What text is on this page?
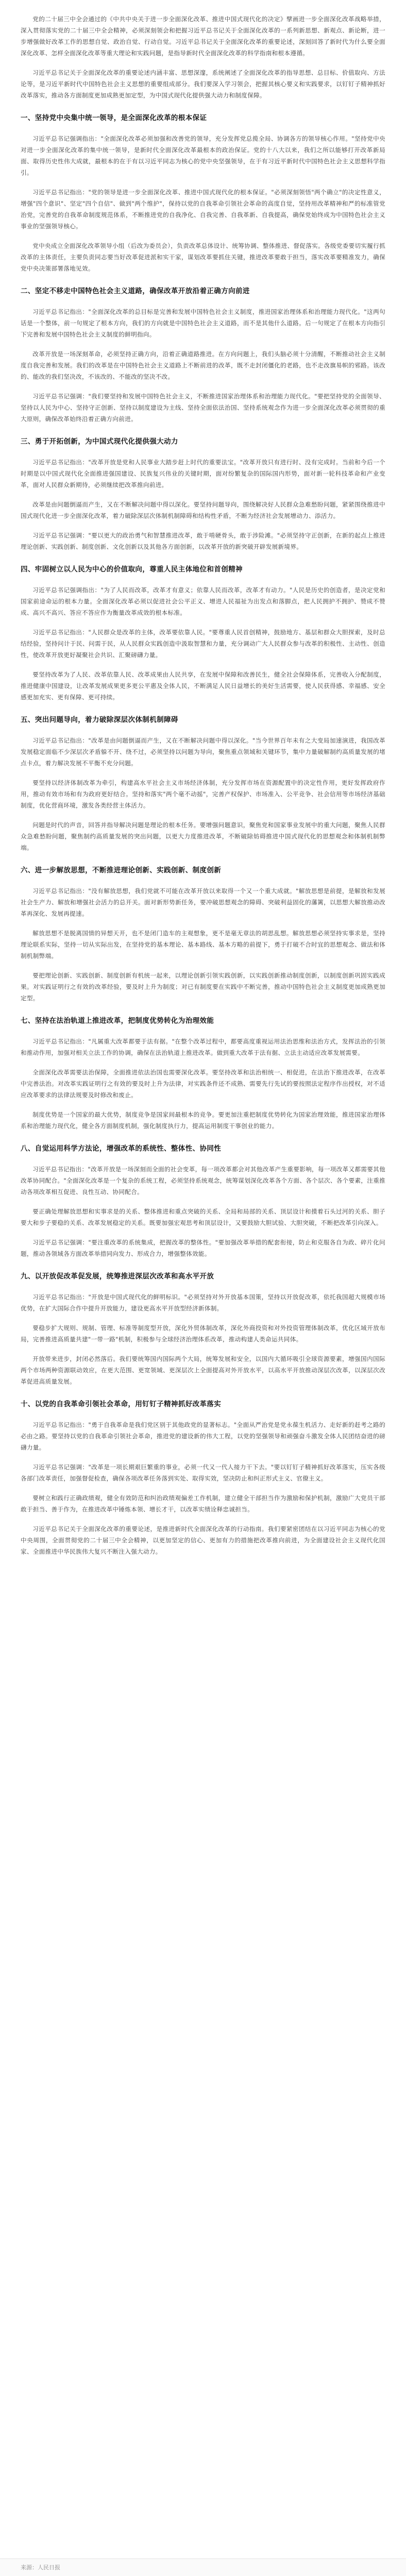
党的二十届三中全会通过的《中共中央关于进一步全面深化改革、推进中国式现代化的决定》擘画进一步全面深化改革战略举措，深入贯彻落实党的二十届三中全会精神，必须深刻领会和把握习近平总书记关于全面深化改革的一系列新思想、新观点、新论断，进一步增强做好改革工作的思想自觉、政治自觉、行动自觉。习近平总书记关于全面深化改革的重要论述，深刻回答了新时代为什么要全面深化改革、怎样全面深化改革等重大理论和实践问题，是指导新时代全面深化改革的科学指南和根本遵循。

习近平总书记关于全面深化改革的重要论述内涵丰富、思想深邃，系统阐述了全面深化改革的指导思想、总目标、价值取向、方法论等，是习近平新时代中国特色社会主义思想的重要组成部分。我们要深入学习领会，把握其核心要义和实践要求，以钉钉子精神抓好改革落实，推动各方面制度更加成熟更加定型，为中国式现代化提供强大动力和制度保障。

一、坚持党中央集中统一领导，是全面深化改革的根本保证

习近平总书记强调指出："全面深化改革必须加强和改善党的领导，充分发挥党总揽全局、协调各方的领导核心作用。"坚持党中央对进一步全面深化改革的集中统一领导，是新时代全面深化改革最根本的政治保证。党的十八大以来，我们之所以能够打开改革新局面、取得历史性伟大成就，最根本的在于有以习近平同志为核心的党中央坚强领导，在于有习近平新时代中国特色社会主义思想科学指引。

习近平总书记指出："党的领导是进一步全面深化改革、推进中国式现代化的根本保证。"必须深刻领悟"两个确立"的决定性意义，增强"四个意识"、坚定"四个自信"、做到"两个维护"，保持以党的自我革命引领社会革命的高度自觉，坚持用改革精神和严的标准管党治党，完善党的自我革命制度规范体系，不断推进党的自我净化、自我完善、自我革新、自我提高，确保党始终成为中国特色社会主义事业的坚强领导核心。

党中央成立全面深化改革领导小组（后改为委员会），负责改革总体设计、统筹协调、整体推进、督促落实。各级党委要切实履行抓改革的主体责任，主要负责同志要当好改革促进派和实干家，谋划改革要抓住关键，推进改革要敢于担当，落实改革要精准发力，确保党中央决策部署落地见效。

二、坚定不移走中国特色社会主义道路，确保改革开放沿着正确方向前进

习近平总书记指出："全面深化改革的总目标是完善和发展中国特色社会主义制度，推进国家治理体系和治理能力现代化。"这两句话是一个整体，前一句规定了根本方向，我们的方向就是中国特色社会主义道路，而不是其他什么道路。后一句规定了在根本方向指引下完善和发展中国特色社会主义制度的鲜明指向。

改革开放是一场深刻革命，必须坚持正确方向，沿着正确道路推进。在方向问题上，我们头脑必须十分清醒，不断推动社会主义制度自我完善和发展。我们的改革是在中国特色社会主义道路上不断前进的改革，既不走封闭僵化的老路，也不走改旗易帜的邪路。该改的、能改的我们坚决改，不该改的、不能改的坚决不改。

习近平总书记强调："我们要坚持和发展中国特色社会主义，不断推进国家治理体系和治理能力现代化。"要把坚持党的全面领导、坚持以人民为中心、坚持守正创新、坚持以制度建设为主线、坚持全面依法治国、坚持系统观念作为进一步全面深化改革必须贯彻的重大原则，确保改革始终沿着正确方向前进。

三、勇于开拓创新，为中国式现代化提供强大动力

习近平总书记指出："改革开放是党和人民事业大踏步赶上时代的重要法宝。"改革开放只有进行时、没有完成时。当前和今后一个时期是以中国式现代化全面推进强国建设、民族复兴伟业的关键时期，面对纷繁复杂的国际国内形势，面对新一轮科技革命和产业变革，面对人民群众新期待，必须继续把改革推向前进。

改革是由问题倒逼而产生，又在不断解决问题中得以深化。要坚持问题导向，围绕解决好人民群众急难愁盼问题，紧紧围绕推进中国式现代化进一步全面深化改革，着力破除深层次体制机制障碍和结构性矛盾，不断为经济社会发展增动力、添活力。

习近平总书记强调："要以更大的政治勇气和智慧推进改革，敢于啃硬骨头，敢于涉险滩。"必须坚持守正创新，在新的起点上推进理论创新、实践创新、制度创新、文化创新以及其他各方面创新，以改革开放的新突破开辟发展新境界。

四、牢固树立以人民为中心的价值取向，尊重人民主体地位和首创精神

习近平总书记强调指出："为了人民而改革，改革才有意义；依靠人民而改革，改革才有动力。"人民是历史的创造者，是决定党和国家前途命运的根本力量。全面深化改革必须以促进社会公平正义、增进人民福祉为出发点和落脚点，把人民拥护不拥护、赞成不赞成、高兴不高兴、答应不答应作为衡量改革成效的根本标准。

习近平总书记指出："人民群众是改革的主体，改革要依靠人民。"要尊重人民首创精神，鼓励地方、基层和群众大胆探索，及时总结经验，坚持问计于民、问需于民，从人民群众实践创造中汲取智慧和力量，充分调动广大人民群众参与改革的积极性、主动性、创造性，使改革开放更好凝聚社会共识、汇聚磅礴力量。

要坚持改革为了人民、改革依靠人民、改革成果由人民共享，在发展中保障和改善民生，健全社会保障体系，完善收入分配制度，推进健康中国建设，让改革发展成果更多更公平惠及全体人民，不断满足人民日益增长的美好生活需要，使人民获得感、幸福感、安全感更加充实、更有保障、更可持续。

五、突出问题导向，着力破除深层次体制机制障碍

习近平总书记指出："改革是由问题倒逼而产生，又在不断解决问题中得以深化。"当今世界百年未有之大变局加速演进，我国改革发展稳定面临不少深层次矛盾躲不开、绕不过，必须坚持以问题为导向，聚焦重点领域和关键环节，集中力量破解制约高质量发展的堵点卡点，着力解决发展不平衡不充分问题。

要坚持以经济体制改革为牵引，构建高水平社会主义市场经济体制，充分发挥市场在资源配置中的决定性作用，更好发挥政府作用，推动有效市场和有为政府更好结合。坚持和落实"两个毫不动摇"，完善产权保护、市场准入、公平竞争、社会信用等市场经济基础制度，优化营商环境，激发各类经营主体活力。

问题是时代的声音，回答并指导解决问题是理论的根本任务。要增强问题意识，聚焦党和国家事业发展中的重大问题，聚焦人民群众急难愁盼问题，聚焦制约高质量发展的突出问题，以更大力度推进改革，不断破除妨碍推进中国式现代化的思想观念和体制机制弊端。

六、进一步解放思想，不断推进理论创新、实践创新、制度创新

习近平总书记指出："没有解放思想，我们党就不可能在改革开放以来取得一个又一个重大成就。"解放思想是前提，是解放和发展社会生产力、解放和增强社会活力的总开关。面对新形势新任务，要冲破思想观念的障碍、突破利益固化的藩篱，以思想大解放推动改革再深化、发展再提速。

解放思想不是脱离国情的异想天开，也不是闭门造车的主观想象，更不是毫无章法的胡思乱想。解放思想必须坚持实事求是，坚持理论联系实际，坚持一切从实际出发，在坚持党的基本理论、基本路线、基本方略的前提下，勇于打破不合时宜的思想观念、做法和体制机制弊端。

要把理论创新、实践创新、制度创新有机统一起来，以理论创新引领实践创新，以实践创新推动制度创新，以制度创新巩固实践成果。对实践证明行之有效的改革经验，要及时上升为制度；对已有制度要在实践中不断完善，推动中国特色社会主义制度更加成熟更加定型。

七、坚持在法治轨道上推进改革，把制度优势转化为治理效能

习近平总书记指出："凡属重大改革都要于法有据。"在整个改革过程中，都要高度重视运用法治思维和法治方式，发挥法治的引领和推动作用，加强对相关立法工作的协调，确保在法治轨道上推进改革。做到重大改革于法有据、立法主动适应改革发展需要。

全面深化改革需要法治保障，全面推进依法治国也需要深化改革。要坚持改革和法治相统一、相促进，在法治下推进改革，在改革中完善法治。对改革实践证明行之有效的要及时上升为法律，对实践条件还不成熟、需要先行先试的要按照法定程序作出授权，对不适应改革要求的法律法规要及时修改和废止。

制度优势是一个国家的最大优势，制度竞争是国家间最根本的竞争。要更加注重把制度优势转化为国家治理效能，推进国家治理体系和治理能力现代化，健全各方面制度机制，强化制度执行力，提高运用制度干事创业的能力。

八、自觉运用科学方法论，增强改革的系统性、整体性、协同性

习近平总书记指出："改革开放是一场深刻而全面的社会变革，每一项改革都会对其他改革产生重要影响，每一项改革又都需要其他改革协同配合。"全面深化改革是一个复杂的系统工程，必须坚持系统观念，统筹谋划深化改革各个方面、各个层次、各个要素，注重推动各项改革相互促进、良性互动、协同配合。

要正确处理解放思想和实事求是的关系、整体推进和重点突破的关系、全局和局部的关系、顶层设计和摸着石头过河的关系、胆子要大和步子要稳的关系、改革发展稳定的关系。既要加强宏观思考和顶层设计，又要鼓励大胆试验、大胆突破，不断把改革引向深入。

习近平总书记强调："要注重改革的系统集成，把握改革的整体性。"要加强改革举措的配套衔接，防止和克服各自为政、碎片化问题，推动各领域各方面改革举措同向发力、形成合力，增强整体效能。

九、以开放促改革促发展，统筹推进深层次改革和高水平开放

习近平总书记指出："开放是中国式现代化的鲜明标识。"必须坚持对外开放基本国策，坚持以开放促改革，依托我国超大规模市场优势，在扩大国际合作中提升开放能力，建设更高水平开放型经济新体制。

要稳步扩大规则、规制、管理、标准等制度型开放，深化外贸体制改革，深化外商投资和对外投资管理体制改革，优化区域开放布局，完善推进高质量共建"一带一路"机制，积极参与全球经济治理体系改革，推动构建人类命运共同体。

开放带来进步，封闭必然落后。我们要统筹国内国际两个大局，统筹发展和安全，以国内大循环吸引全球资源要素，增强国内国际两个市场两种资源联动效应，在更大范围、更宽领域、更深层次上全面提高对外开放水平，以高水平开放推动深层次改革，以深层次改革促进高质量发展。

十、以党的自我革命引领社会革命，用钉钉子精神抓好改革落实

习近平总书记指出："勇于自我革命是我们党区别于其他政党的显著标志。"全面从严治党是党永葆生机活力、走好新的赶考之路的必由之路。要坚持以党的自我革命引领社会革命，推进党的建设新的伟大工程，以党的坚强领导和顽强奋斗激发全体人民团结奋进的磅礴力量。

习近平总书记强调："改革是一项长期艰巨繁重的事业，必须一代又一代人接力干下去。"要以钉钉子精神抓好改革落实，压实各级各部门改革责任，加强督促检查，确保各项改革任务落到实处、取得实效，坚决防止和纠正形式主义、官僚主义。

要树立和践行正确政绩观，健全有效防范和纠治政绩观偏差工作机制，建立健全干部担当作为激励和保护机制，激励广大党员干部敢于担当、善于作为，在推进改革中锤炼本领、增长才干，以改革实绩诠释忠诚担当。

习近平总书记关于全面深化改革的重要论述，是推进新时代全面深化改革的行动指南。我们要紧密团结在以习近平同志为核心的党中央周围，全面贯彻党的二十届三中全会精神，以更加坚定的信心、更加有力的措施把改革推向前进，为全面建设社会主义现代化国家、全面推进中华民族伟大复兴不断注入强大动力。

来源：人民日报
